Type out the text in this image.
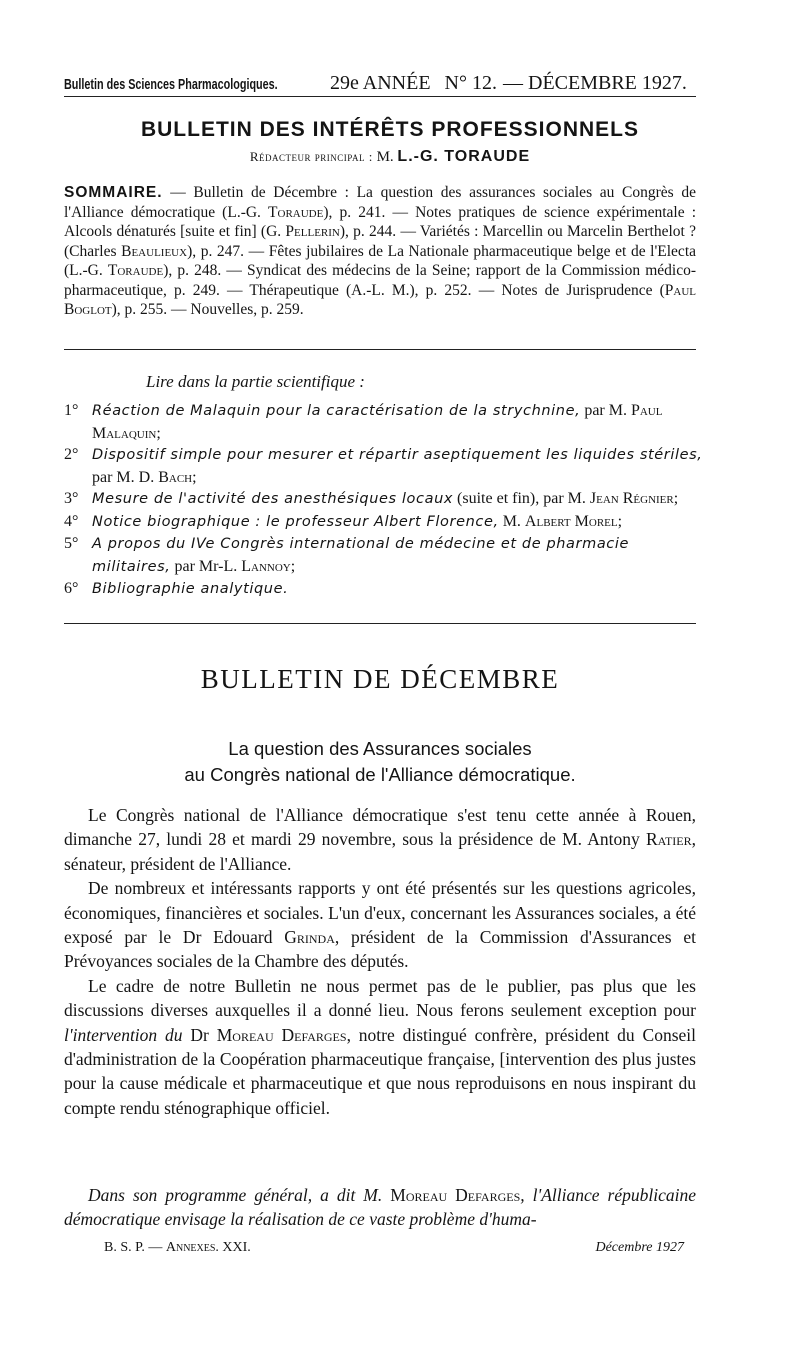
Bulletin des Sciences Pharmacologiques.	29e ANNÉE N° 12. — DÉCEMBRE 1927.
BULLETIN DES INTÉRÊTS PROFESSIONNELS
Rédacteur principal : M. L.-G. TORAUDE
SOMMAIRE. — Bulletin de Décembre : La question des assurances sociales au Congrès de l'Alliance démocratique (L.-G. Toraude), p. 241. — Notes pratiques de science expérimentale : Alcools dénaturés [suite et fin] (G. Pellerin), p. 244. — Variétés : Marcellin ou Marcelin Berthelot ? (Charles Beaulieux), p. 247. — Fêtes jubilaires de La Nationale pharmaceutique belge et de l'Electa (L.-G. Toraude), p. 248. — Syndicat des médecins de la Seine; rapport de la Commission médico-pharmaceutique, p. 249. — Thérapeutique (A.-L. M.), p. 252. — Notes de Jurisprudence (Paul Boglot), p. 255. — Nouvelles, p. 259.
Lire dans la partie scientifique :
1° Réaction de Malaquin pour la caractérisation de la strychnine, par M. Paul Malaquin;
2° Dispositif simple pour mesurer et répartir aseptiquement les liquides stériles, par M. D. Bach;
3° Mesure de l'activité des anesthésiques locaux (suite et fin), par M. Jean Régnier;
4° Notice biographique : le professeur Albert Florence, M. Albert Morel;
5° A propos du IVe Congrès international de médecine et de pharmacie militaires, par Mr-L. Lannoy;
6° Bibliographie analytique.
BULLETIN DE DÉCEMBRE
La question des Assurances sociales
au Congrès national de l'Alliance démocratique.

Le Congrès national de l'Alliance démocratique s'est tenu cette année à Rouen, dimanche 27, lundi 28 et mardi 29 novembre, sous la présidence de M. Antony Ratier, sénateur, président de l'Alliance.

De nombreux et intéressants rapports y ont été présentés sur les questions agricoles, économiques, financières et sociales. L'un d'eux, concernant les Assurances sociales, a été exposé par le Dr Edouard Grinda, président de la Commission d'Assurances et Prévoyances sociales de la Chambre des députés.

Le cadre de notre Bulletin ne nous permet pas de le publier, pas plus que les discussions diverses auxquelles il a donné lieu. Nous ferons seulement exception pour l'intervention du Dr Moreau Defarges, notre distingué confrère, président du Conseil d'administration de la Coopération pharmaceutique française, [intervention des plus justes pour la cause médicale et pharmaceutique et que nous reproduisons en nous inspirant du compte rendu sténographique officiel.

Dans son programme général, a dit M. Moreau Defarges, l'Alliance républicaine démocratique envisage la réalisation de ce vaste problème d'huma-
B. S. P. — Annexes. XXI.	Décembre 1927
